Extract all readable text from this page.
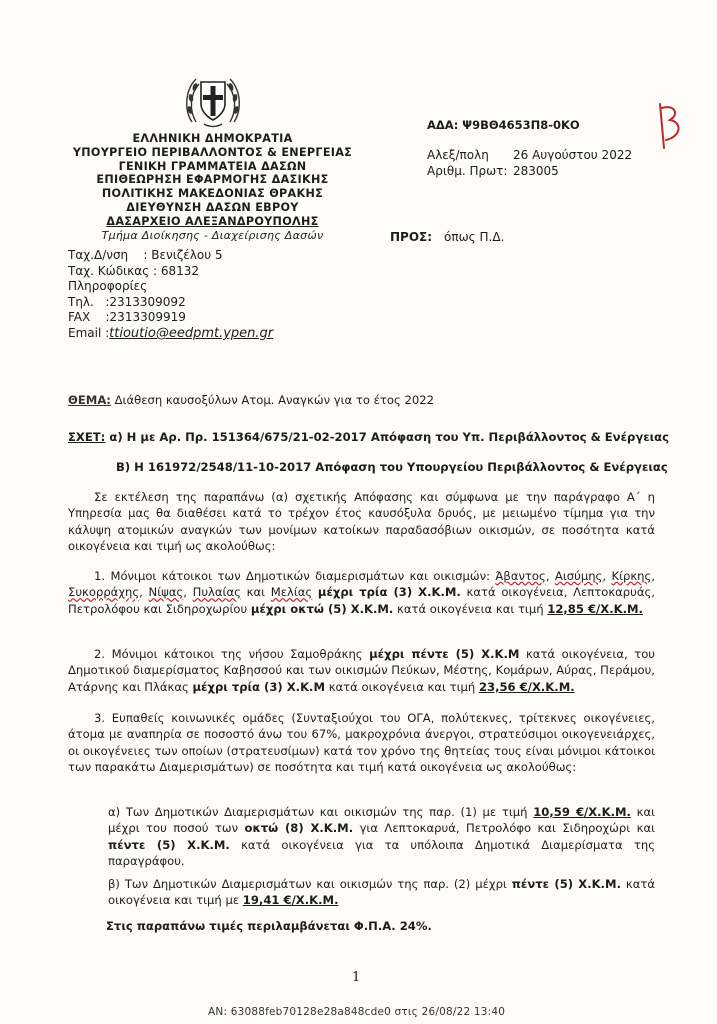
ΕΛΛΗΝΙΚΗ ΔΗΜΟΚΡΑΤΙΑ
ΥΠΟΥΡΓΕΙΟ ΠΕΡΙΒΑΛΛΟΝΤΟΣ & ΕΝΕΡΓΕΙΑΣ
ΓΕΝΙΚΗ ΓΡΑΜΜΑΤΕΙΑ ΔΑΣΩΝ
ΕΠΙΘΕΩΡΗΣΗ ΕΦΑΡΜΟΓΗΣ ΔΑΣΙΚΗΣ
ΠΟΛΙΤΙΚΗΣ ΜΑΚΕΔΟΝΙΑΣ ΘΡΑΚΗΣ
ΔΙΕΥΘΥΝΣΗ ΔΑΣΩΝ ΕΒΡΟΥ
ΔΑΣΑΡΧΕΙΟ ΑΛΕΞΑΝΔΡΟΥΠΟΛΗΣ
Τμήμα Διοίκησης - Διαχείρισης Δασών
Ταχ.Δ/νση : Βενιζέλου 5
Ταχ. Κώδικας : 68132
Πληροφορίες
Τηλ. :2313309092
FAX :2313309919
Email :ttioutio@eedpmt.ypen.gr
ΑΔΑ: Ψ9ΒΘ4653Π8-0ΚΟ
Αλεξ/πολη 26 Αυγούστου 2022
Αριθμ. Πρωτ: 283005
ΠΡΟΣ: όπως Π.Δ.
ΘΕΜΑ: Διάθεση καυσοξύλων Ατομ. Αναγκών για το έτος 2022
ΣΧΕΤ: α) Η με Αρ. Πρ. 151364/675/21-02-2017 Απόφαση του Υπ. Περιβάλλοντος & Ενέργειας
Β) Η 161972/2548/11-10-2017 Απόφαση του Υπουργείου Περιβάλλοντος & Ενέργειας
Σε εκτέλεση της παραπάνω (α) σχετικής Απόφασης και σύμφωνα με την παράγραφο Α΄ η Υπηρεσία μας θα διαθέσει κατά το τρέχον έτος καυσόξυλα δρυός, με μειωμένο τίμημα για την κάλυψη ατομικών αναγκών των μονίμων κατοίκων παραδασόβιων οικισμών, σε ποσότητα κατά οικογένεια και τιμή ως ακολούθως:
1. Μόνιμοι κάτοικοι των Δημοτικών διαμερισμάτων και οικισμών: Άβαντος, Αισύμης, Κίρκης, Συκορράχης, Νίψας, Πυλαίας και Μελίας μέχρι τρία (3) Χ.Κ.Μ. κατά οικογένεια, Λεπτοκαρυάς, Πετρολόφου και Σιδηροχωρίου μέχρι οκτώ (5) Χ.Κ.Μ. κατά οικογένεια και τιμή 12,85 €/Χ.Κ.Μ.
2. Μόνιμοι κάτοικοι της νήσου Σαμοθράκης μέχρι πέντε (5) Χ.Κ.Μ κατά οικογένεια, του Δημοτικού διαμερίσματος Καβησσού και των οικισμών Πεύκων, Μέστης, Κομάρων, Αύρας, Περάμου, Ατάρνης και Πλάκας μέχρι τρία (3) Χ.Κ.Μ κατά οικογένεια και τιμή 23,56 €/Χ.Κ.Μ.
3. Ευπαθείς κοινωνικές ομάδες (Συνταξιούχοι του ΟΓΑ, πολύτεκνες, τρίτεκνες οικογένειες, άτομα με αναπηρία σε ποσοστό άνω του 67%, μακροχρόνια άνεργοι, στρατεύσιμοι οικογενειάρχες, οι οικογένειες των οποίων (στρατευσίμων) κατά τον χρόνο της θητείας τους είναι μόνιμοι κάτοικοι των παρακάτω Διαμερισμάτων) σε ποσότητα και τιμή κατά οικογένεια ως ακολούθως:
α) Των Δημοτικών Διαμερισμάτων και οικισμών της παρ. (1) με τιμή 10,59 €/Χ.Κ.Μ. και μέχρι του ποσού των οκτώ (8) Χ.Κ.Μ. για Λεπτοκαρυά, Πετρολόφο και Σιδηροχώρι και πέντε (5) Χ.Κ.Μ. κατά οικογένεια για τα υπόλοιπα Δημοτικά Διαμερίσματα της παραγράφου.
β) Των Δημοτικών Διαμερισμάτων και οικισμών της παρ. (2) μέχρι πέντε (5) Χ.Κ.Μ. κατά οικογένεια και τιμή με 19,41 €/Χ.Κ.Μ.
Στις παραπάνω τιμές περιλαμβάνεται Φ.Π.Α. 24%.
1
ΑΝ: 63088feb70128e28a848cde0 στις 26/08/22 13:40
